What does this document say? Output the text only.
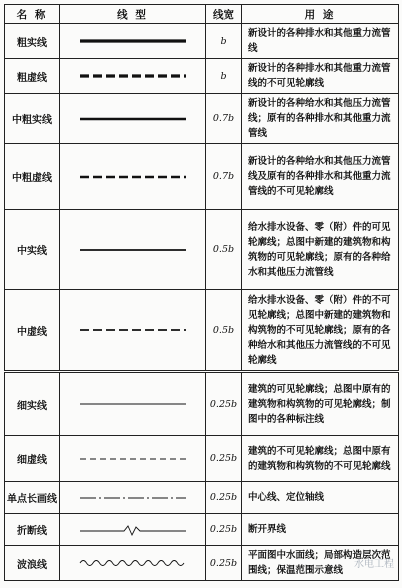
名 称	线 型	线宽	用 途
粗实线		b	新设计的各种排水和其他重力流管线
粗虚线		b	新设计的各种排水和其他重力流管线的不可见轮廓线
中粗实线		0.7b	新设计的各种给水和其他压力流管线；原有的各种排水和其他重力流管线
中粗虚线		0.7b	新设计的各种给水和其他压力流管线及原有的各种排水和其他重力流管线的不可见轮廓线
中实线		0.5b	给水排水设备、零（附）件的可见轮廓线；总图中新建的建筑物和构筑物的可见轮廓线；原有的各种给水和其他压力流管线
中虚线		0.5b	给水排水设备、零（附）件的不可见轮廓线；总图中新建的建筑物和构筑物的不可见轮廓线；原有的各种给水和其他压力流管线的不可见轮廓线
细实线		0.25b	建筑的可见轮廓线；总图中原有的建筑物和构筑物的可见轮廓线；制图中的各种标注线
细虚线		0.25b	建筑的不可见轮廓线；总图中原有的建筑物和构筑物的不可见轮廓线
单点长画线		0.25b	中心线、定位轴线
折断线		0.25b	断开界线
波浪线		0.25b	平面图中水面线；局部构造层次范围线；保温范围示意线
水电工程
